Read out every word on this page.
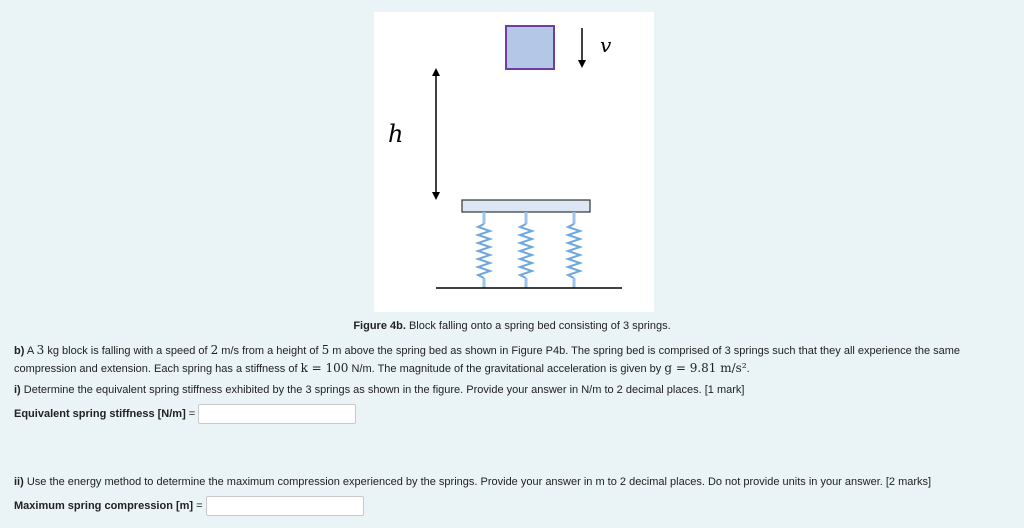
v
h
Figure 4b. Block falling onto a spring bed consisting of 3 springs.
b) A 3 kg block is falling with a speed of 2 m/s from a height of 5 m above the spring bed as shown in Figure P4b. The spring bed is comprised of 3 springs such that they all experience the same compression and extension. Each spring has a stiffness of k = 100 N/m. The magnitude of the gravitational acceleration is given by g = 9.81 m/s².
i) Determine the equivalent spring stiffness exhibited by the 3 springs as shown in the figure. Provide your answer in N/m to 2 decimal places. [1 mark]
Equivalent spring stiffness [N/m] =
ii) Use the energy method to determine the maximum compression experienced by the springs. Provide your answer in m to 2 decimal places. Do not provide units in your answer. [2 marks]
Maximum spring compression [m] =
